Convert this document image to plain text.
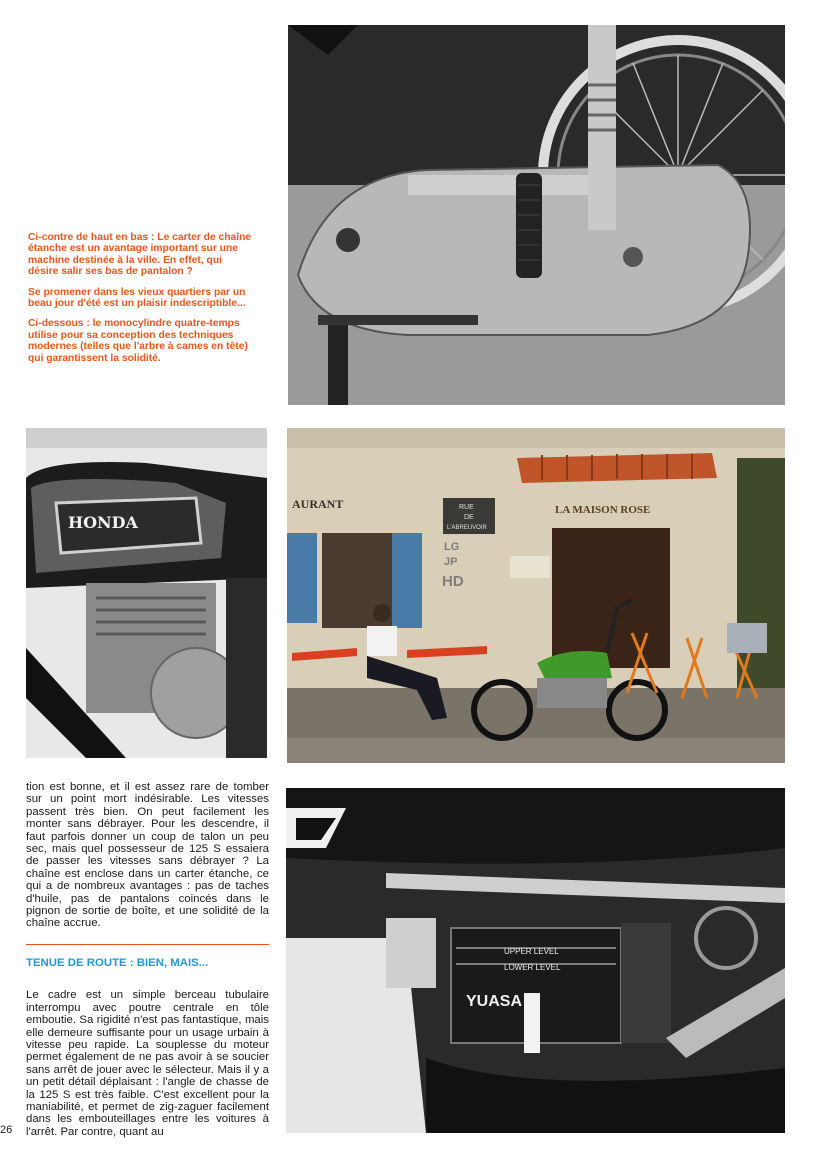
Ci-contre de haut en bas : Le carter de chaîne étanche est un avantage important sur une machine destinée à la ville. En effet, qui désire salir ses bas de pantalon ?

Se promener dans les vieux quartiers par un beau jour d'été est un plaisir indescriptible...

Ci-dessous : le monocylindre quatre-temps utilise pour sa conception des techniques modernes (telles que l'arbre à cames en tête) qui garantissent la solidité.

HONDA
AURANT	RUE
DE
L'ABREUVOIR
LA MAISON ROSE
LG
JP
HD

tion est bonne, et il est assez rare de tomber sur un point mort indésirable. Les vitesses passent très bien. On peut facilement les monter sans débrayer. Pour les descendre, il faut parfois donner un coup de talon un peu sec, mais quel possesseur de 125 S essaiera de passer les vitesses sans débrayer ? La chaîne est enclose dans un carter étanche, ce qui a de nombreux avantages : pas de taches d'huile, pas de pantalons coincés dans le pignon de sortie de boîte, et une solidité de la chaîne accrue.

TENUE DE ROUTE : BIEN, MAIS...

Le cadre est un simple berceau tubulaire interrompu avec poutre centrale en tôle emboutie. Sa rigidité n'est pas fantastique, mais elle demeure suffisante pour un usage urbain à vitesse peu rapide. La souplesse du moteur permet également de ne pas avoir à se soucier sans arrêt de jouer avec le sélecteur. Mais il y a un petit détail déplaisant : l'angle de chasse de la 125 S est très faible. C'est excellent pour la maniabilité, et permet de zig-zaguer facilement dans les embouteillages entre les voitures à l'arrêt. Par contre, quant au

26
UPPER LEVEL
LOWER LEVEL
YUASA
